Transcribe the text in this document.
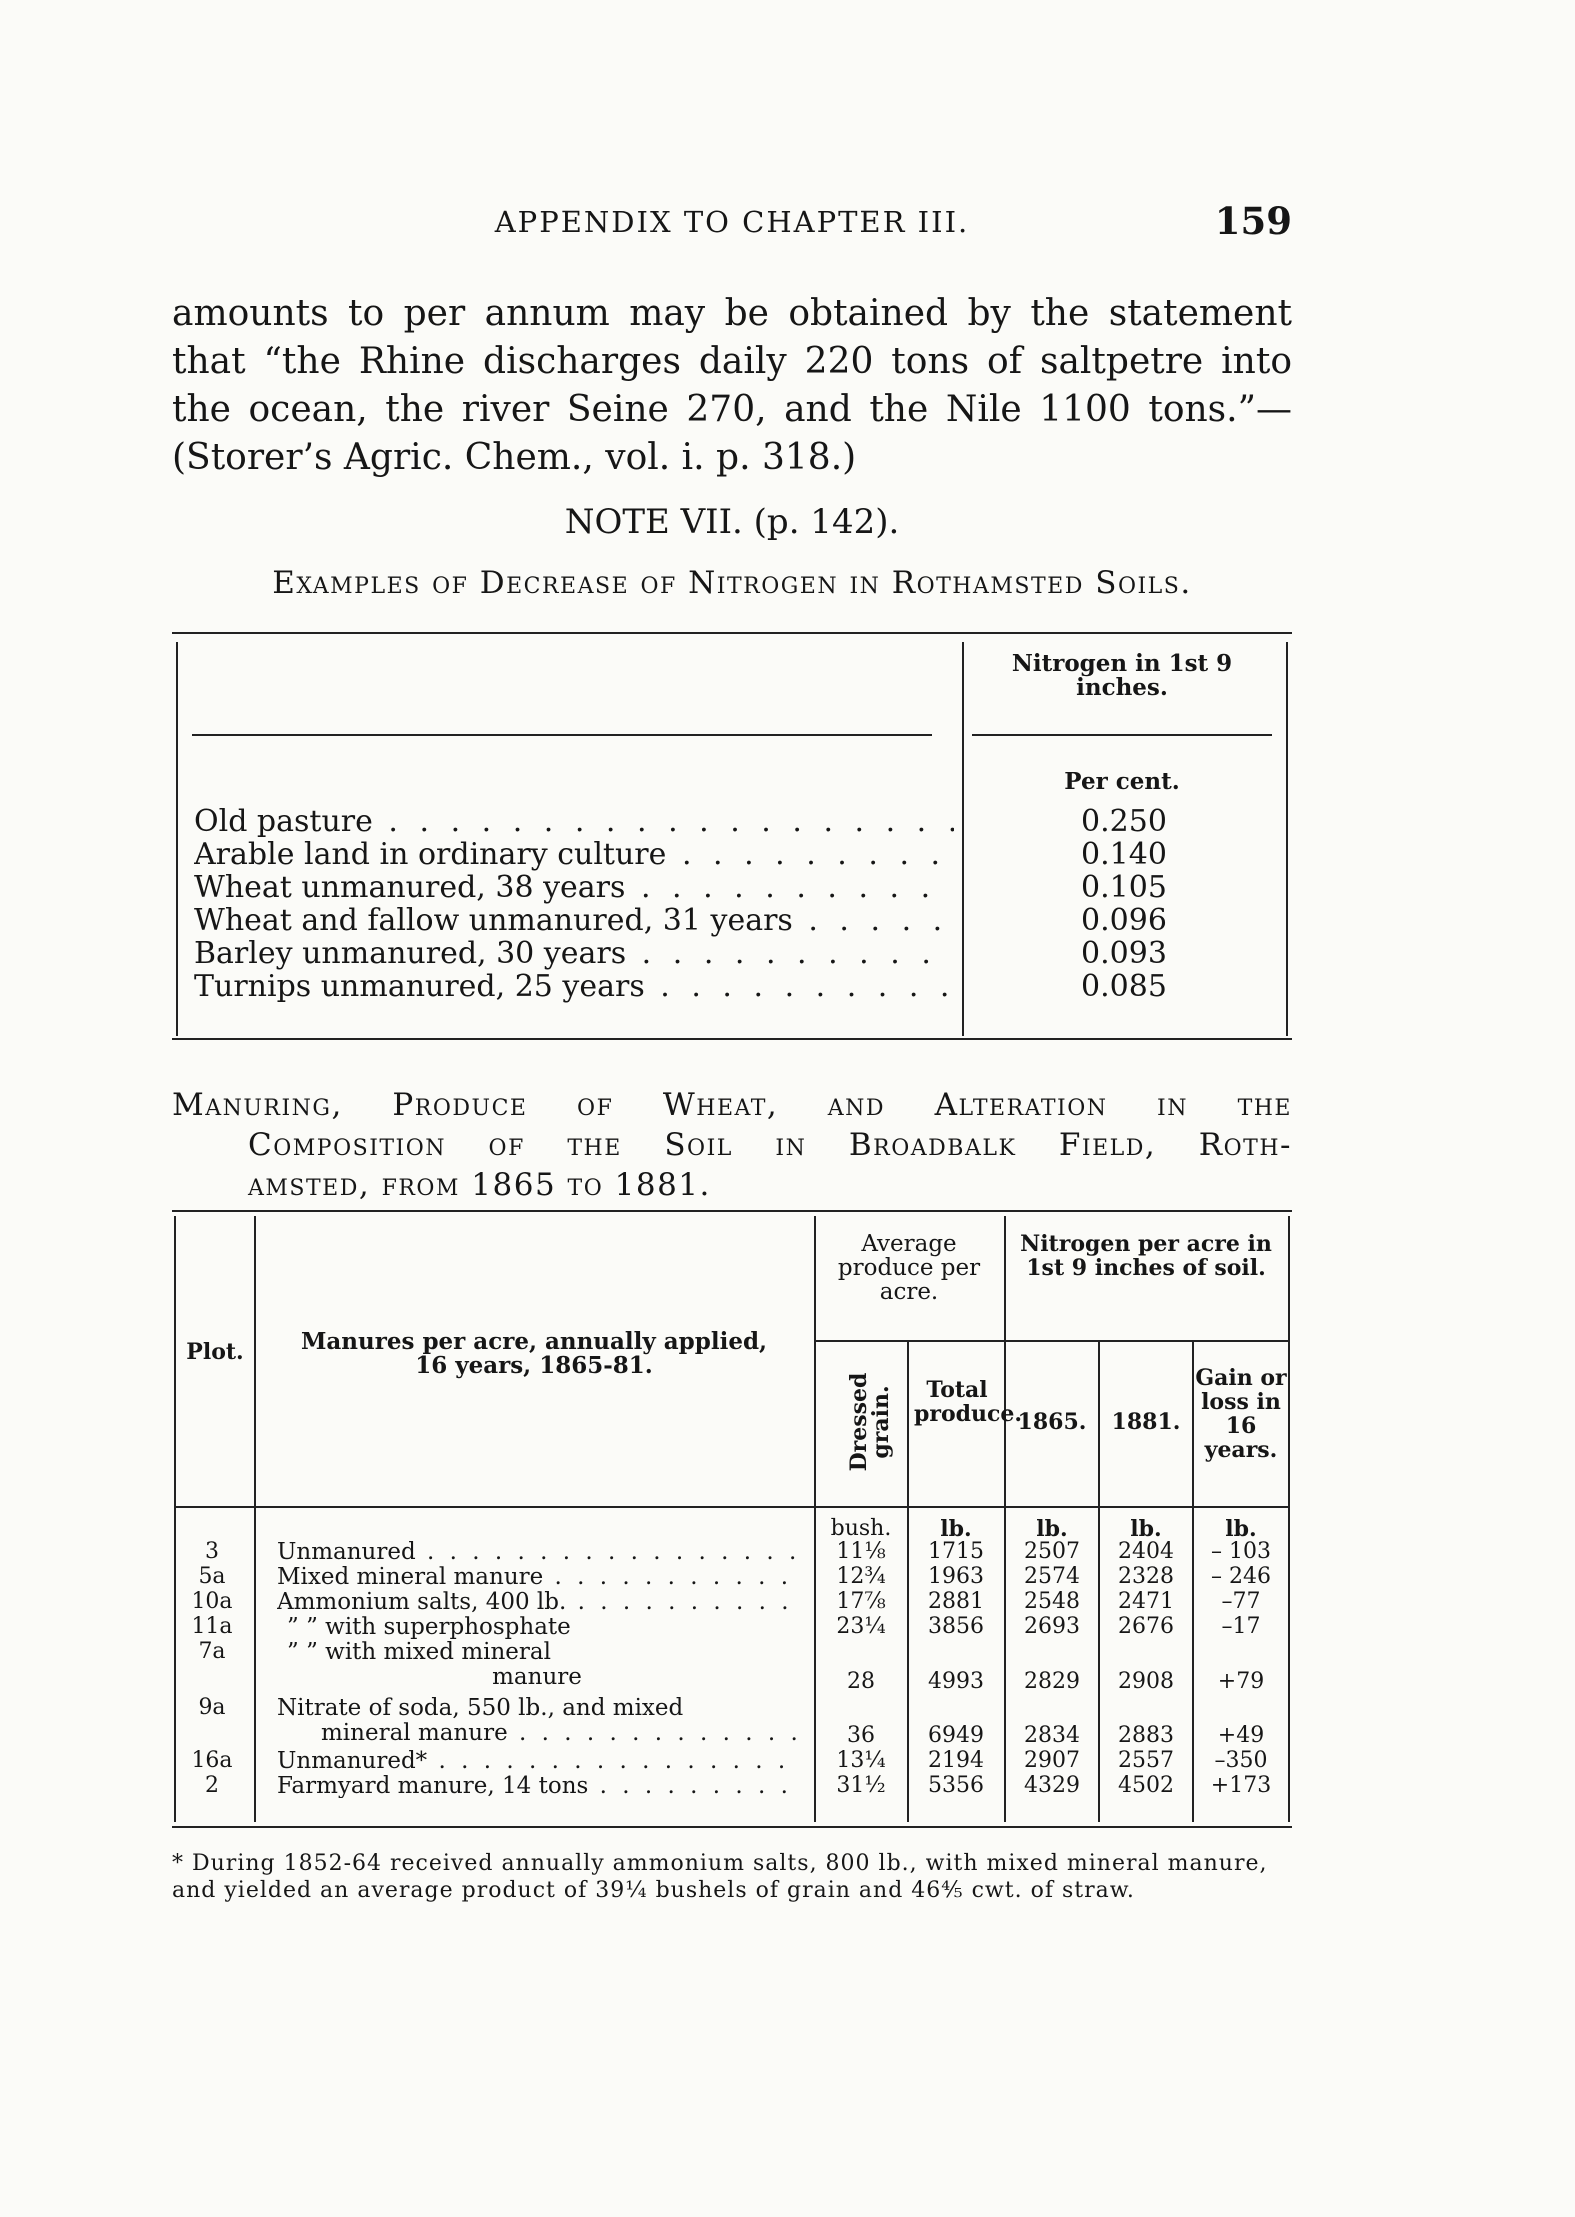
APPENDIX TO CHAPTER III.	159

amounts to per annum may be obtained by the statement that “the Rhine discharges daily 220 tons of saltpetre into the ocean, the river Seine 270, and the Nile 1100 tons.”—(Storer’s Agric. Chem., vol. i. p. 318.)

NOTE VII. (p. 142).
Examples of Decrease of Nitrogen in Rothamsted Soils.
Nitrogen in 1st 9 inches.
Per cent.
Old pasture . .	0.250
Arable land in ordinary culture . .	0.140
Wheat unmanured, 38 years . .	0.105
Wheat and fallow unmanured, 31 years . .	0.096
Barley unmanured, 30 years . .	0.093
Turnips unmanured, 25 years . .	0.085
Manuring, Produce of Wheat, and Alteration in the
Composition of the Soil in Broadbalk Field, Roth-
amsted, from 1865 to 1881.
Plot.	Manures per acre, annually applied, 16 years, 1865-81.
Average produce per acre.
Nitrogen per acre in 1st 9 inches of soil.
Dressed grain.	Total produce.
1865.	1881.
Gain or loss in 16 years.
bush.	lb.	lb.	lb.	lb.
3	Unmanured . .	11⅛	1715	2507	2404	– 103
5a	Mixed mineral manure . .	12¾	1963	2574	2328	– 246
10a	Ammonium salts, 400 lb. . .	17⅞	2881	2548	2471	–77
11a	” ” with superphosphate	23¼	3856	2693	2676	–17
7a	” ” with mixed mineral
manure	28	4993	2829	2908	+79
9a	Nitrate of soda, 550 lb., and mixed
mineral manure . .	36	6949	2834	2883	+49
16a	Unmanured* . .	13¼	2194	2907	2557	–350
2	Farmyard manure, 14 tons . .	31½	5356	4329	4502	+173

* During 1852-64 received annually ammonium salts, 800 lb., with mixed mineral manure, and yielded an average product of 39¼ bushels of grain and 46⅘ cwt. of straw.
